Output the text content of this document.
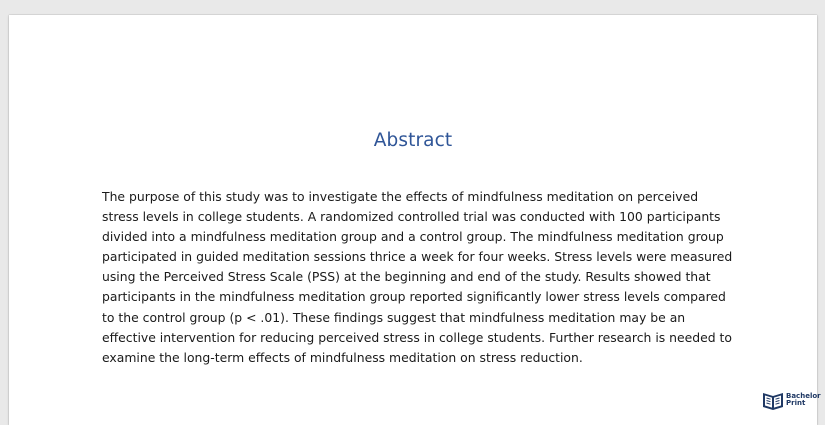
Abstract

The purpose of this study was to investigate the effects of mindfulness meditation on perceived
stress levels in college students. A randomized controlled trial was conducted with 100 participants
divided into a mindfulness meditation group and a control group. The mindfulness meditation group
participated in guided meditation sessions thrice a week for four weeks. Stress levels were measured
using the Perceived Stress Scale (PSS) at the beginning and end of the study. Results showed that
participants in the mindfulness meditation group reported significantly lower stress levels compared
to the control group (p < .01). These findings suggest that mindfulness meditation may be an
effective intervention for reducing perceived stress in college students. Further research is needed to
examine the long-term effects of mindfulness meditation on stress reduction.

Bachelor
Print
